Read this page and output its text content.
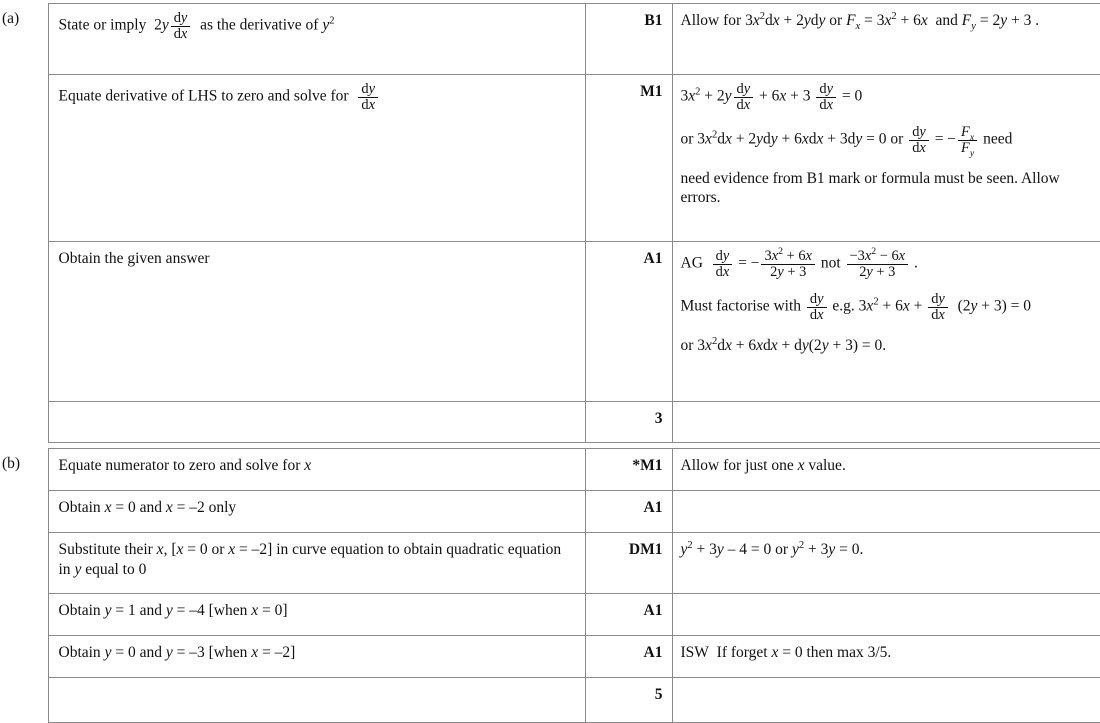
(a)	State or imply  $2y \frac{dy}{dx}$ as the derivative of $y^2$	B1	Allow for $3x^2dx + 2ydy$ or $F_x = 3x^2 + 6x$  and $F_y = 2y + 3$ .

Equate derivative of LHS to zero and solve for $\frac{dy}{dx}$	M1	$3x^2 + 2y \frac{dy}{dx} + 6x + 3 \frac{dy}{dx} = 0$
or $3x^2dx + 2ydy + 6xdx + 3dy = 0$ or $\frac{dy}{dx}$ = − $\frac{F_x}{F_y}$ need
need evidence from B1 mark or formula must be seen. Allow errors.

Obtain the given answer	A1	AG $\frac{dy}{dx}$ = − $\frac{3x^2 + 6x}{2y + 3}$ not $\frac{-3x^2 - 6x}{2y + 3}$ .
Must factorise with $\frac{dy}{dx} e.g$. $3x^2 + 6x + \frac{dy}{dx} (2y + 3) = 0$
or $3x^2dx + 6xdx + dy(2y + 3) = 0$.

		3	

(b)	Equate numerator to zero and solve for x	*M1	Allow for just one x value.

	Obtain x = 0 and x = –2 only	A1	

	Substitute their x, [x = 0 or x = –2] in curve equation to obtain quadratic equation in y equal to 0	DM1	$y^2 + 3y - 4 = 0$ or $y^2 + 3y = 0$.

	Obtain y = 1 and y = –4 [when x = 0]	A1	

	Obtain y = 0 and y = –3 [when x = –2]	A1	ISW  If forget x = 0 then max 3/5.

		5	
